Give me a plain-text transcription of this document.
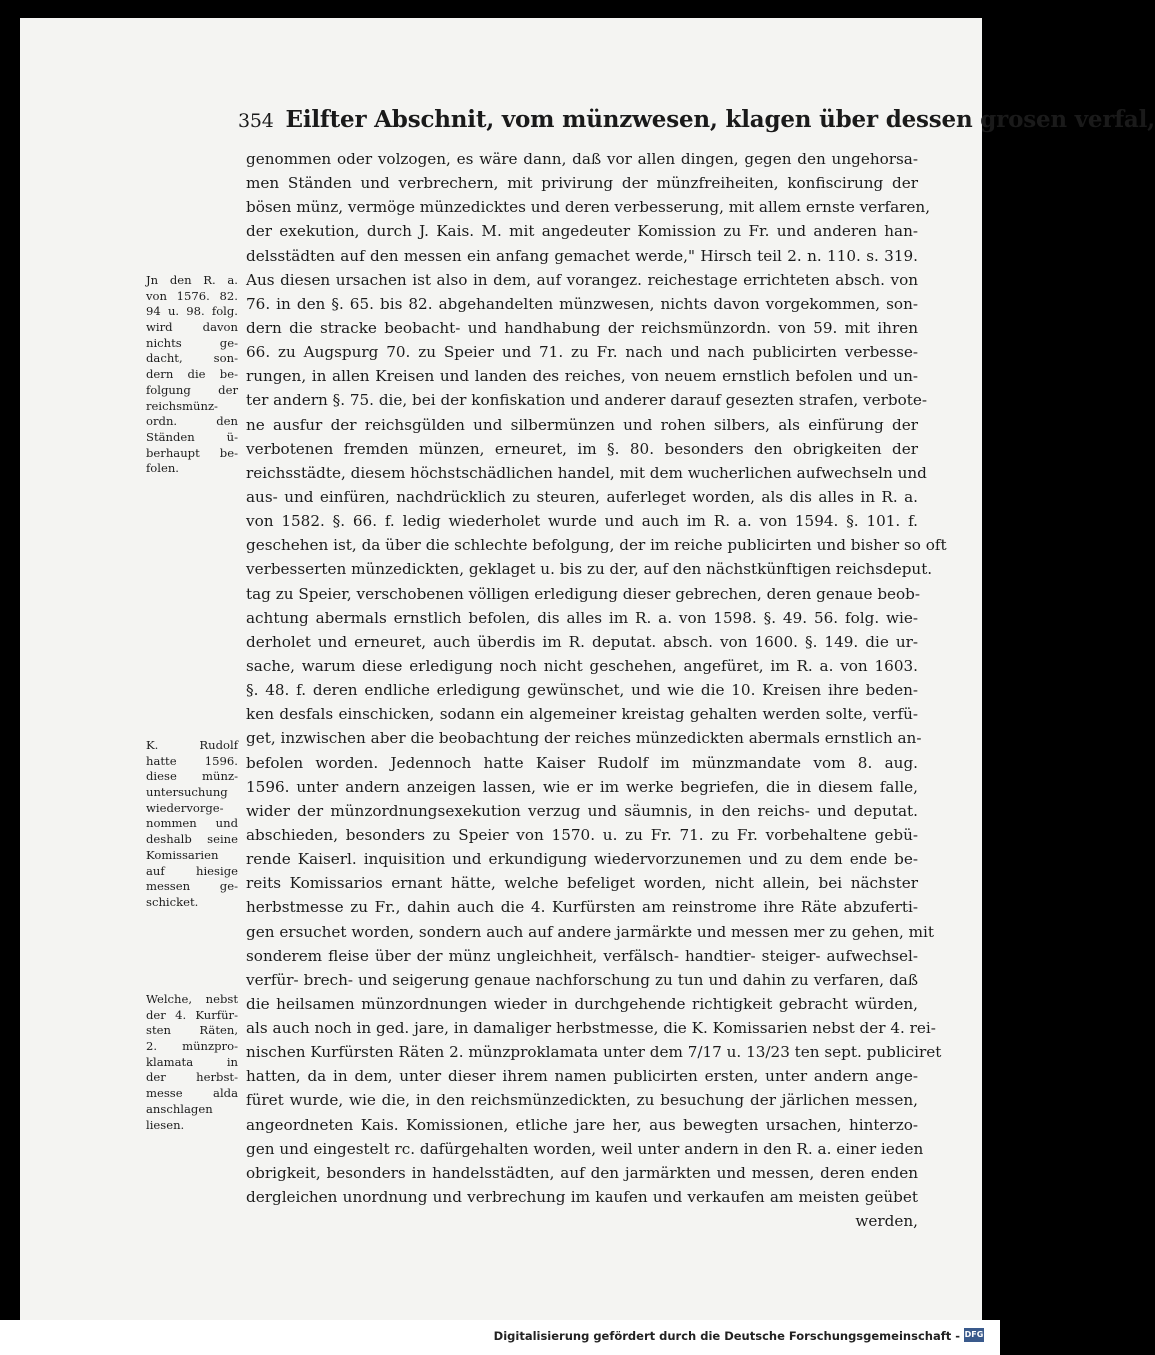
354 Eilfter Abschnit, vom münzwesen, klagen über dessen grosen verfal,
genommen oder volzogen, es wäre dann, daß vor allen dingen, gegen den ungehorsa-
men Ständen und verbrechern, mit privirung der münzfreiheiten, konfiscirung der
bösen münz, vermöge münzedicktes und deren verbesserung, mit allem ernste verfaren,
der exekution, durch J. Kais. M. mit angedeuter Komission zu Fr. und anderen han-
delsstädten auf den messen ein anfang gemachet werde," Hirsch teil 2. n. 110. s. 319.
Aus diesen ursachen ist also in dem, auf vorangez. reichestage errichteten absch. von
76. in den §. 65. bis 82. abgehandelten münzwesen, nichts davon vorgekommen, son-
dern die stracke beobacht- und handhabung der reichsmünzordn. von 59. mit ihren
66. zu Augspurg 70. zu Speier und 71. zu Fr. nach und nach publicirten verbesse-
rungen, in allen Kreisen und landen des reiches, von neuem ernstlich befolen und un-
ter andern §. 75. die, bei der konfiskation und anderer darauf gesezten strafen, verbote-
ne ausfur der reichsgülden und silbermünzen und rohen silbers, als einfürung der
verbotenen fremden münzen, erneuret, im §. 80. besonders den obrigkeiten der
reichsstädte, diesem höchstschädlichen handel, mit dem wucherlichen aufwechseln und
aus- und einfüren, nachdrücklich zu steuren, auferleget worden, als dis alles in R. a.
von 1582. §. 66. f. ledig wiederholet wurde und auch im R. a. von 1594. §. 101. f.
geschehen ist, da über die schlechte befolgung, der im reiche publicirten und bisher so oft
verbesserten münzedickten, geklaget u. bis zu der, auf den nächstkünftigen reichsdeput.
tag zu Speier, verschobenen völligen erledigung dieser gebrechen, deren genaue beob-
achtung abermals ernstlich befolen, dis alles im R. a. von 1598. §. 49. 56. folg. wie-
derholet und erneuret, auch überdis im R. deputat. absch. von 1600. §. 149. die ur-
sache, warum diese erledigung noch nicht geschehen, angefüret, im R. a. von 1603.
§. 48. f. deren endliche erledigung gewünschet, und wie die 10. Kreisen ihre beden-
ken desfals einschicken, sodann ein algemeiner kreistag gehalten werden solte, verfü-
get, inzwischen aber die beobachtung der reiches münzedickten abermals ernstlich an-
befolen worden. Jedennoch hatte Kaiser Rudolf im münzmandate vom 8. aug.
1596. unter andern anzeigen lassen, wie er im werke begriefen, die in diesem falle,
wider der münzordnungsexekution verzug und säumnis, in den reichs- und deputat.
abschieden, besonders zu Speier von 1570. u. zu Fr. 71. zu Fr. vorbehaltene gebü-
rende Kaiserl. inquisition und erkundigung wiedervorzunemen und zu dem ende be-
reits Komissarios ernant hätte, welche befeliget worden, nicht allein, bei nächster
herbstmesse zu Fr., dahin auch die 4. Kurfürsten am reinstrome ihre Räte abzuferti-
gen ersuchet worden, sondern auch auf andere jarmärkte und messen mer zu gehen, mit
sonderem fleise über der münz ungleichheit, verfälsch- handtier- steiger- aufwechsel-
verfür- brech- und seigerung genaue nachforschung zu tun und dahin zu verfaren, daß
die heilsamen münzordnungen wieder in durchgehende richtigkeit gebracht würden,
als auch noch in ged. jare, in damaliger herbstmesse, die K. Komissarien nebst der 4. rei-
nischen Kurfürsten Räten 2. münzproklamata unter dem 7/17 u. 13/23 ten sept. publiciret
hatten, da in dem, unter dieser ihrem namen publicirten ersten, unter andern ange-
füret wurde, wie die, in den reichsmünzedickten, zu besuchung der järlichen messen,
angeordneten Kais. Komissionen, etliche jare her, aus bewegten ursachen, hinterzo-
gen und eingestelt rc. dafürgehalten worden, weil unter andern in den R. a. einer ieden
obrigkeit, besonders in handelsstädten, auf den jarmärkten und messen, deren enden
dergleichen unordnung und verbrechung im kaufen und verkaufen am meisten geübet
werden,
Jn den R. a.
von 1576. 82.
94 u. 98. folg.
wird davon
nichts ge-
dacht, son-
dern die be-
folgung der
reichsmünz-
ordn. den
Ständen ü-
berhaupt be-
folen.
K. Rudolf
hatte 1596.
diese münz-
untersuchung
wiedervorge-
nommen und
deshalb seine
Komissarien
auf hiesige
messen ge-
schicket.
Welche, nebst
der 4. Kurfür-
sten Räten,
2. münzpro-
klamata in
der herbst-
messe alda
anschlagen
liesen.
Digitalisierung gefördert durch die Deutsche Forschungsgemeinschaft - DFG
